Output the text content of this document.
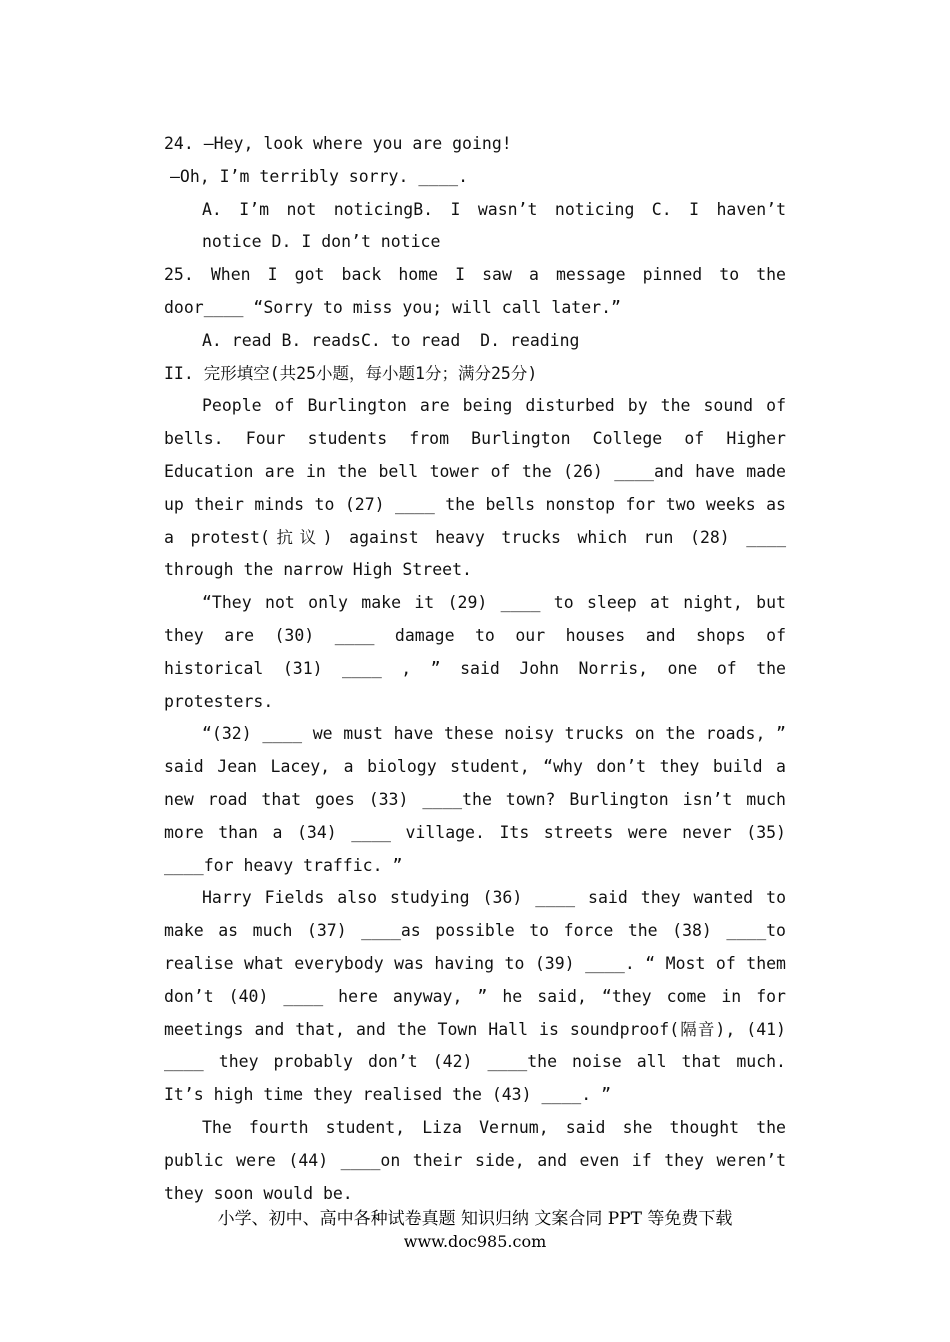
24. —Hey, look where you are going!
—Oh, I’m terribly sorry. ____.
A. I’m not noticingB. I wasn’t noticing C. I haven’t notice D. I don’t notice
25. When I got back home I saw a message pinned to the door____ “Sorry to miss you; will call later.”
A. read B. readsC. to read  D. reading
II. 完形填空(共25小题，每小题1分；满分25分)
People of Burlington are being disturbed by the sound of bells. Four students from Burlington College of Higher Education are in the bell tower of the (26) ____and have made up their minds to (27) ____ the bells nonstop for two weeks as a protest(抗议) against heavy trucks which run (28) ____ through the narrow High Street.
“They not only make it (29) ____ to sleep at night, but they are (30) ____ damage to our houses and shops of historical (31) ____ , ” said John Norris, one of the protesters.
“(32) ____ we must have these noisy trucks on the roads, ” said Jean Lacey, a biology student, “why don’t they build a new road that goes (33) ____the town? Burlington isn’t much more than a (34) ____ village. Its streets were never (35) ____for heavy traffic. ”
Harry Fields also studying (36) ____ said they wanted to make as much (37) ____as possible to force the (38) ____to realise what everybody was having to (39) ____. “ Most of them don’t (40) ____ here anyway, ” he said, “they come in for meetings and that, and the Town Hall is soundproof(隔音), (41) ____ they probably don’t (42) ____the noise all that much. It’s high time they realised the (43) ____. ”
The fourth student, Liza Vernum, said she thought the public were (44) ____on their side, and even if they weren’t they soon would be.
小学、初中、高中各种试卷真题 知识归纳 文案合同 PPT 等免费下载
www.doc985.com
